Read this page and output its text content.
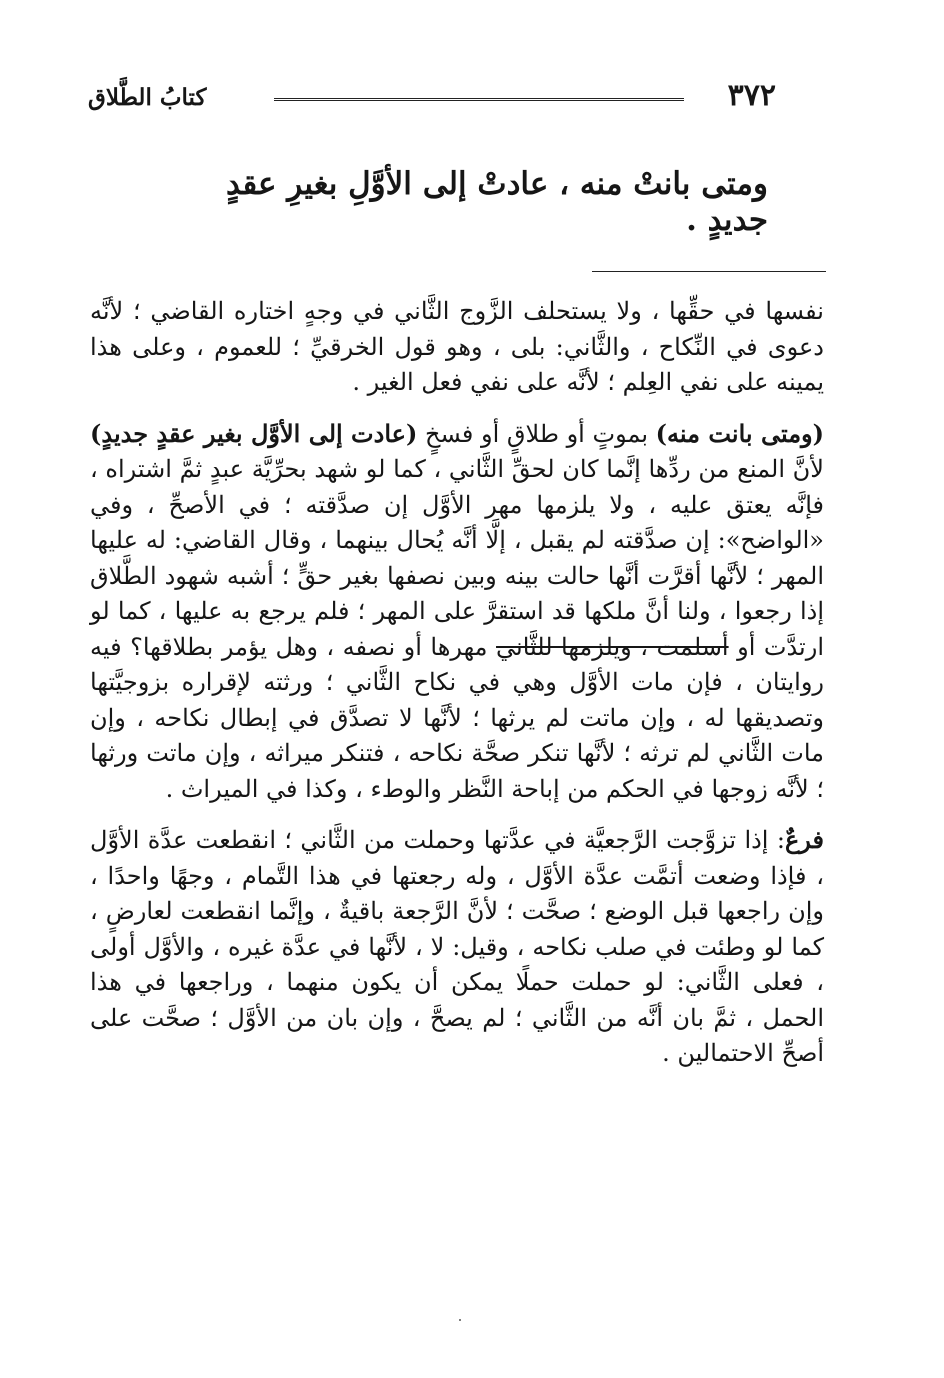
٣٧٢
كتابُ الطَّلاق
ومتى بانتْ منه ، عادتْ إلى الأوَّلِ بغيرِ عقدٍ جديدٍ .

نفسها في حقِّها ، ولا يستحلف الزَّوج الثَّاني في وجهٍ اختاره القاضي ؛ لأنَّه دعوى في النِّكاح ، والثَّاني: بلى ، وهو قول الخرقيِّ ؛ للعموم ، وعلى هذا يمينه على نفي العِلم ؛ لأنَّه على نفي فعل الغير .

(ومتى بانت منه) بموتٍ أو طلاقٍ أو فسخٍ (عادت إلى الأوَّل بغير عقدٍ جديدٍ) لأنَّ المنع من ردِّها إنَّما كان لحقِّ الثَّاني ، كما لو شهد بحرِّيَّة عبدٍ ثمَّ اشتراه ، فإنَّه يعتق عليه ، ولا يلزمها مهر الأوَّل إن صدَّقته ؛ في الأصحِّ ، وفي «الواضح»: إن صدَّقته لم يقبل ، إلَّا أنَّه يُحال بينهما ، وقال القاضي: له عليها المهر ؛ لأنَّها أقرَّت أنَّها حالت بينه وبين نصفها بغير حقٍّ ؛ أشبه شهود الطَّلاق إذا رجعوا ، ولنا أنَّ ملكها قد استقرَّ على المهر ؛ فلم يرجع به عليها ، كما لو ارتدَّت أو أسلمت ، ويلزمها للثَّاني مهرها أو نصفه ، وهل يؤمر بطلاقها؟ فيه روايتان ، فإن مات الأوَّل وهي في نكاح الثَّاني ؛ ورثته لإقراره بزوجيَّتها وتصديقها له ، وإن ماتت لم يرثها ؛ لأنَّها لا تصدَّق في إبطال نكاحه ، وإن مات الثَّاني لم ترثه ؛ لأنَّها تنكر صحَّة نكاحه ، فتنكر ميراثه ، وإن ماتت ورثها ؛ لأنَّه زوجها في الحكم من إباحة النَّظر والوطء ، وكذا في الميراث .

فرعٌ: إذا تزوَّجت الرَّجعيَّة في عدَّتها وحملت من الثَّاني ؛ انقطعت عدَّة الأوَّل ، فإذا وضعت أتمَّت عدَّة الأوَّل ، وله رجعتها في هذا التَّمام ، وجهًا واحدًا ، وإن راجعها قبل الوضع ؛ صحَّت ؛ لأنَّ الرَّجعة باقيةٌ ، وإنَّما انقطعت لعارضٍ ، كما لو وطئت في صلب نكاحه ، وقيل: لا ، لأنَّها في عدَّة غيره ، والأوَّل أولى ، فعلى الثَّاني: لو حملت حملًا يمكن أن يكون منهما ، وراجعها في هذا الحمل ، ثمَّ بان أنَّه من الثَّاني ؛ لم يصحَّ ، وإن بان من الأوَّل ؛ صحَّت على أصحِّ الاحتمالين .
